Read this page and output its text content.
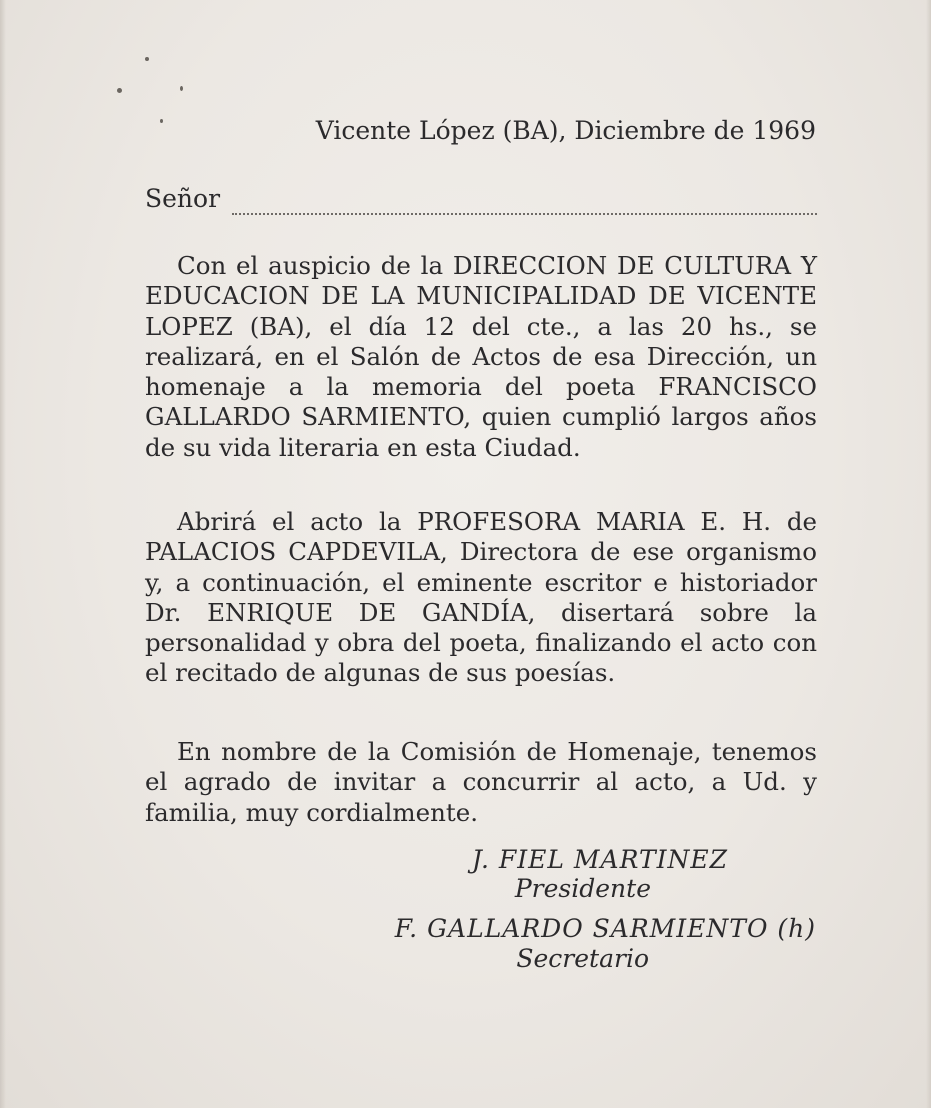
Vicente López (BA), Diciembre de 1969
Señor

Con el auspicio de la DIRECCION DE CULTURA Y EDUCACION DE LA MUNICIPALIDAD DE VICENTE LOPEZ (BA), el día 12 del cte., a las 20 hs., se realizará, en el Salón de Actos de esa Dirección, un homenaje a la memoria del poeta FRANCISCO GALLARDO SARMIENTO, quien cumplió largos años de su vida literaria en esta Ciudad.

Abrirá el acto la PROFESORA MARIA E. H. de PALACIOS CAPDEVILA, Directora de ese organismo y, a continuación, el eminente escritor e historiador Dr. ENRIQUE DE GANDÍA, disertará sobre la personalidad y obra del poeta, finalizando el acto con el recitado de algunas de sus poesías.

En nombre de la Comisión de Homenaje, tenemos el agrado de invitar a concurrir al acto, a Ud. y familia, muy cordialmente.

J. FIEL MARTINEZ
Presidente
F. GALLARDO SARMIENTO (h)
Secretario
